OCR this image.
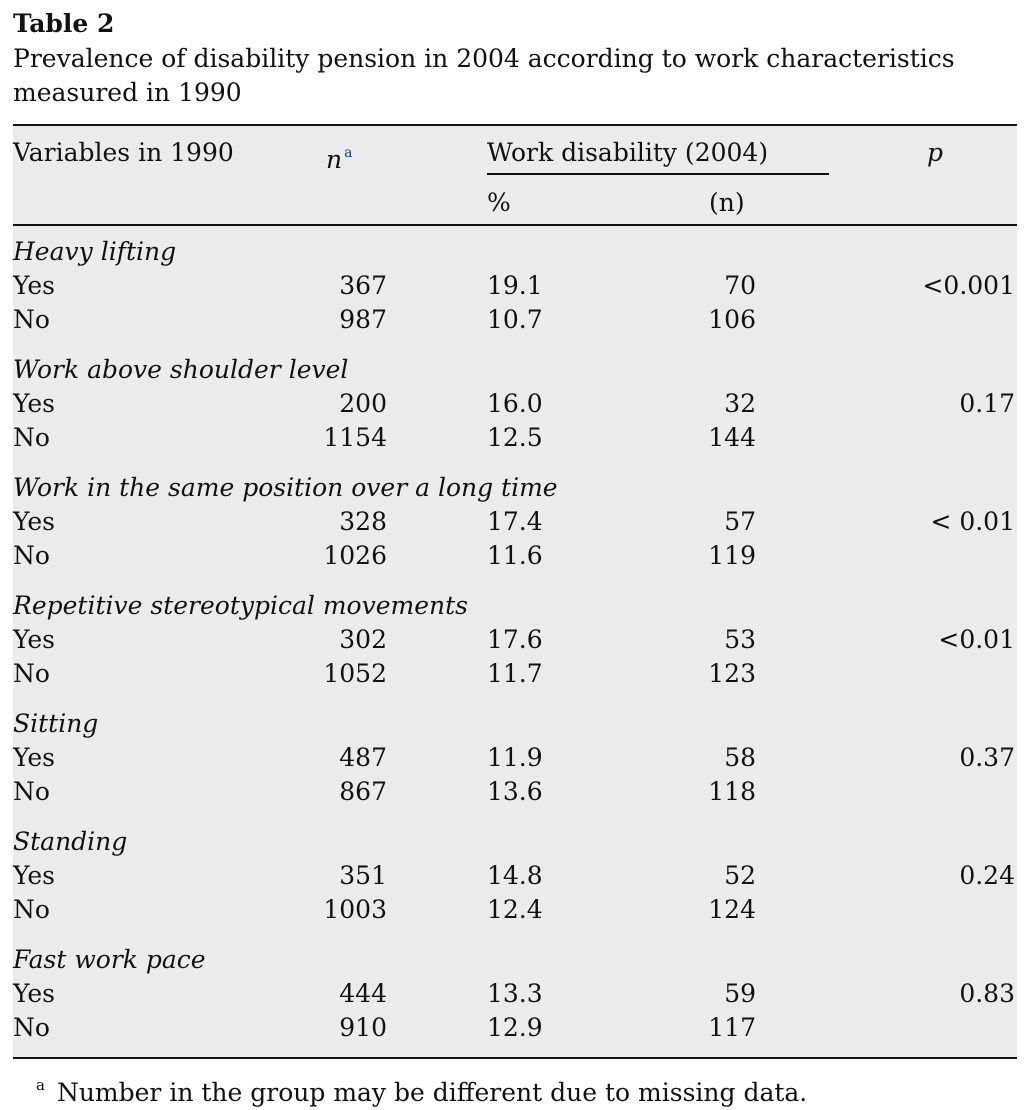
Table 2
Prevalence of disability pension in 2004 according to work characteristics measured in 1990
Variables in 1990	n $^a$	Work disability (2004)	p
%	(n)
Heavy lifting
Yes	367	19.1	70	<0.001
No	987	10.7	106
Work above shoulder level
Yes	200	16.0	32	0.17
No	1154	12.5	144
Work in the same position over a long time
Yes	328	17.4	57	< 0.01
No	1026	11.6	119
Repetitive stereotypical movements
Yes	302	17.6	53	<0.01
No	1052	11.7	123
Sitting
Yes	487	11.9	58	0.37
No	867	13.6	118
Standing
Yes	351	14.8	52	0.24
No	1003	12.4	124
Fast work pace
Yes	444	13.3	59	0.83
No	910	12.9	117
$^a$ Number in the group may be different due to missing data.
